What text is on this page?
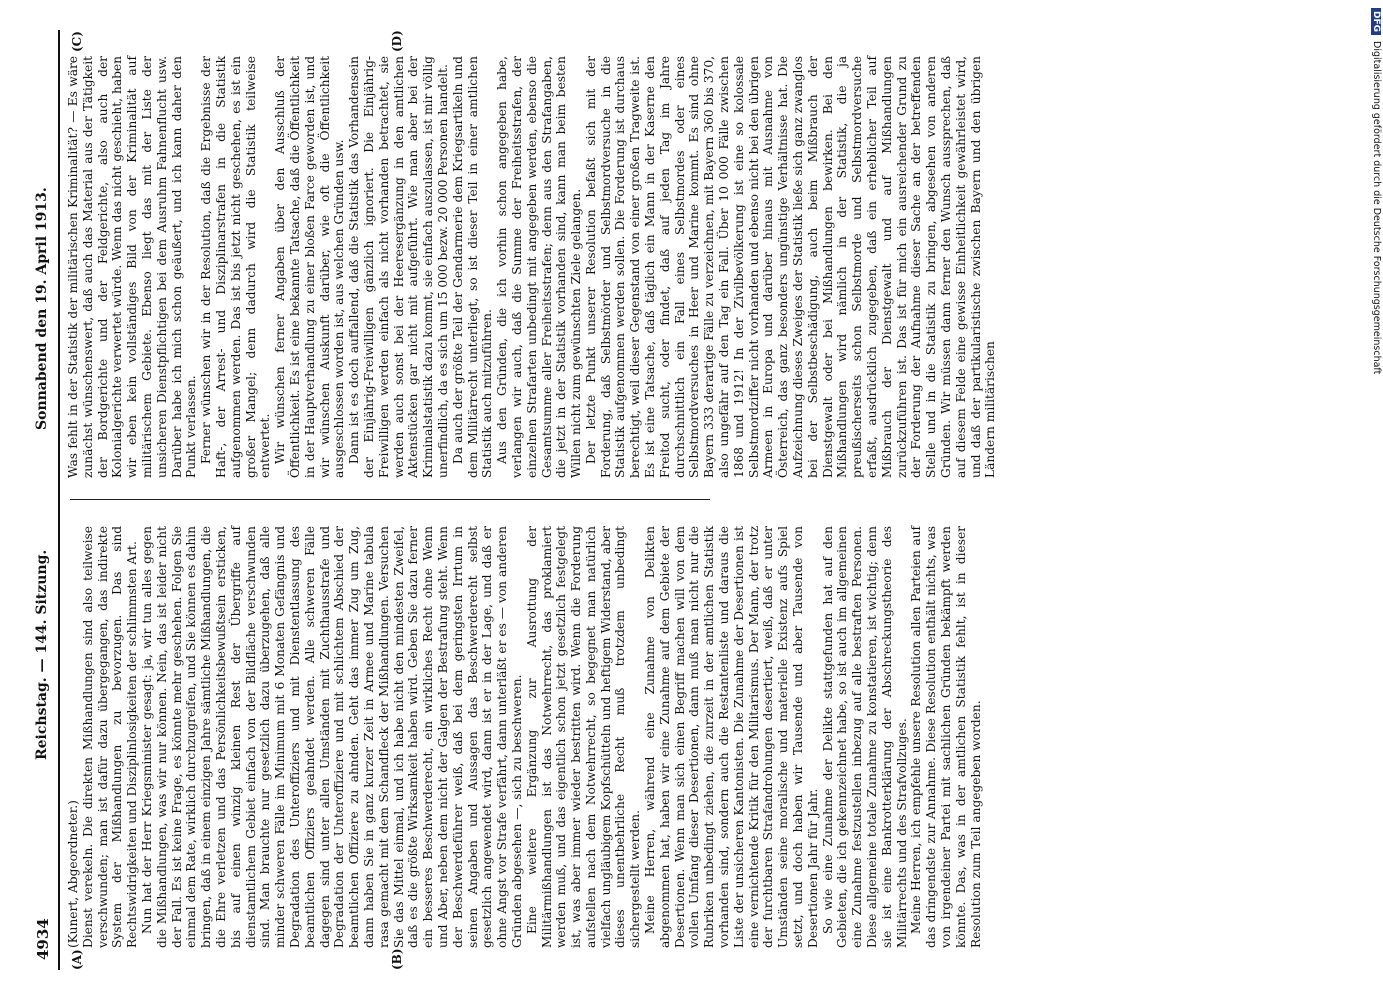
4934
Reichstag. — 144. Sitzung.
Sonnabend den 19. April 1913.
(A)	(B)
(C)	(D)

(Kunert, Abgeordneter.) Dienst verekeln. Die direkten Mißhandlungen sind also teilweise verschwunden; man ist dafür dazu übergegangen, das indirekte System der Mißhandlungen zu bevorzugen. Das sind Rechtswidrigkeiten und Disziplinlosigkeiten der schlimmsten Art. Nun hat der Herr Kriegsminister gesagt: ja, wir tun alles gegen die Mißhandlungen, was wir nur können. Nein, das ist leider nicht der Fall. Es ist keine Frage, es könnte mehr geschehen. Folgen Sie einmal dem Rate, wirklich durchzugreifen, und Sie können es dahin bringen, daß in einem einzigen Jahre sämtliche Mißhandlungen, die die Ehre verletzen und das Persönlichkeitsbewußtsein ersticken, bis auf einen winzig kleinen Rest der Übergriffe auf dienstamtlichem Gebiet einfach von der Bildfläche verschwunden sind. Man brauchte nur gesetzlich dazu überzugehen, daß alle minder schweren Fälle im Minimum mit 6 Monaten Gefängnis und Degradation des Unteroffiziers und mit Dienstentlassung des beamtlichen Offiziers geahndet werden. Alle schweren Fälle dagegen sind unter allen Umständen mit Zuchthausstrafe und Degradation der Unteroffiziere und mit schlichtem Abschied der beamtlichen Offiziere zu ahnden. Geht das immer Zug um Zug, dann haben Sie in ganz kurzer Zeit in Armee und Marine tabula rasa gemacht mit dem Schandfleck der Mißhandlungen. Versuchen Sie das Mittel einmal, und ich habe nicht den mindesten Zweifel, daß es die größte Wirksamkeit haben wird. Geben Sie dazu ferner ein besseres Beschwerderecht, ein wirkliches Recht ohne Wenn und Aber, neben dem nicht der Galgen der Bestrafung steht. Wenn der Beschwerdeführer weiß, daß bei dem geringsten Irrtum in seinen Angaben und Aussagen das Beschwerderecht selbst gesetzlich angewendet wird, dann ist er in der Lage, und daß er ohne Angst vor Strafe verfährt, dann unterläßt er es — von anderen Gründen abgesehen —, sich zu beschweren. Eine weitere Ergänzung zur Ausrottung der Militärmißhandlungen ist das Notwehrrecht, das proklamiert werden muß, und das eigentlich schon jetzt gesetzlich festgelegt ist, was aber immer wieder bestritten wird. Wenn die Forderung aufstellen nach dem Notwehrrecht, so begegnet man natürlich vielfach ungläubigem Kopfschütteln und heftigem Widerstand, aber dieses unentbehrliche Recht muß trotzdem unbedingt sichergestellt werden. Meine Herren, während eine Zunahme von Delikten abgenommen hat, haben wir eine Zunahme auf dem Gebiete der Desertionen. Wenn man sich einen Begriff machen will von dem vollen Umfang dieser Desertionen, dann muß man nicht nur die Rubriken unbedingt ziehen, die zurzeit in der amtlichen Statistik vorhanden sind, sondern auch die Restantenliste und daraus die Liste der unsicheren Kantonisten. Die Zunahme der Desertionen ist eine vernichtende Kritik für den Militarismus. Der Mann, der trotz der furchtbaren Strafandrohungen desertiert, weiß, daß er unter Umständen seine moralische und materielle Existenz aufs Spiel setzt, und doch haben wir Tausende und aber Tausende von Desertionen Jahr für Jahr. So wie eine Zunahme der Delikte stattgefunden hat auf den Gebieten, die ich gekennzeichnet habe, so ist auch im allgemeinen eine Zunahme festzustellen inbezug auf alle bestraften Personen. Diese allgemeine totale Zunahme zu konstatieren, ist wichtig; denn sie ist eine Bankrotterklärung der Abschreckungstheorie des Militärrechts und des Strafvollzuges. Meine Herren, ich empfehle unsere Resolution allen Parteien auf das dringendste zur Annahme. Diese Resolution enthält nichts, was von irgendeiner Partei mit sachlichen Gründen bekämpft werden könnte. Das, was in der amtlichen Statistik fehlt, ist in dieser Resolution zum Teil angegeben worden.

Was fehlt in der Statistik der militärischen Kriminalität? — Es wäre zunächst wünschenswert, daß auch das Material aus der Tätigkeit der Bordgerichte und der Feldgerichte, also auch der Kolonialgerichte verwertet würde. Wenn das nicht geschieht, haben wir eben kein vollständiges Bild von der Kriminalität auf militärischem Gebiete. Ebenso liegt das mit der Liste der unsicheren Dienstpflichtigen bei dem Ausruhm Fahnenflucht usw. Darüber habe ich mich schon geäußert, und ich kann daher den Punkt verlassen. Ferner wünschen wir in der Resolution, daß die Ergebnisse der Haft-, der Arrest- und Disziplinarstrafen in die Statistik aufgenommen werden. Das ist bis jetzt nicht geschehen, es ist ein großer Mangel; denn dadurch wird die Statistik teilweise entwertet. Wir wünschen ferner Angaben über den Ausschluß der Öffentlichkeit. Es ist eine bekannte Tatsache, daß die Öffentlichkeit in der Hauptverhandlung zu einer bloßen Farce geworden ist, und wir wünschen Auskunft darüber, wie oft die Öffentlichkeit ausgeschlossen worden ist, aus welchen Gründen usw. Dann ist es doch auffallend, daß die Statistik das Vorhandensein der Einjährig-Freiwilligen gänzlich ignoriert. Die Einjährig-Freiwilligen werden einfach als nicht vorhanden betrachtet, sie werden auch sonst bei der Heeresergänzung in den amtlichen Aktenstücken gar nicht mit aufgeführt. Wie man aber bei der Kriminalstatistik dazu kommt, sie einfach auszulassen, ist mir völlig unerfindlich, da es sich um 15 000 bezw. 20 000 Personen handelt. Da auch der größte Teil der Gendarmerie dem Kriegsartikeln und dem Militärrecht unterliegt, so ist dieser Teil in einer amtlichen Statistik auch mitzuführen. Aus den Gründen, die ich vorhin schon angegeben habe, verlangen wir auch, daß die Summe der Freiheitsstrafen, der einzelnen Strafarten unbedingt mit angegeben werden, ebenso die Gesamtsumme aller Freiheitsstrafen; denn aus den Strafangaben, die jetzt in der Statistik vorhanden sind, kann man beim besten Willen nicht zum gewünschten Ziele gelangen. Der letzte Punkt unserer Resolution befaßt sich mit der Forderung, daß Selbstmörder und Selbstmordversuche in die Statistik aufgenommen werden sollen. Die Forderung ist durchaus berechtigt, weil dieser Gegenstand von einer großen Tragweite ist. Es ist eine Tatsache, daß täglich ein Mann in der Kaserne den Freitod sucht, oder findet, daß auf jeden Tag im Jahre durchschnittlich ein Fall eines Selbstmordes oder eines Selbstmordversuches in Heer und Marine kommt. Es sind ohne Bayern 333 derartige Fälle zu verzeichnen, mit Bayern 360 bis 370, also ungefähr auf den Tag ein Fall. Über 10 000 Fälle zwischen 1868 und 1912! In der Zivilbevölkerung ist eine so kolossale Selbstmordziffer nicht vorhanden und ebenso nicht bei den übrigen Armeen in Europa und darüber hinaus mit Ausnahme von Österreich, das ganz besonders ungünstige Verhältnisse hat. Die Aufzeichnung dieses Zweiges der Statistik ließe sich ganz zwanglos bei der Selbstbeschädigung, auch beim Mißbrauch der Dienstgewalt oder bei Mißhandlungen bewirken. Bei den Mißhandlungen wird nämlich in der Statistik, die ja preußischerseits schon Selbstmorde und Selbstmordversuche erfaßt, ausdrücklich zugegeben, daß ein erheblicher Teil auf Mißbrauch der Dienstgewalt und auf Mißhandlungen zurückzuführen ist. Das ist für mich ein ausreichender Grund zu der Forderung der Aufnahme dieser Sache an der betreffenden Stelle und in die Statistik zu bringen, abgesehen von anderen Gründen. Wir müssen dann ferner den Wunsch aussprechen, daß auf diesem Felde eine gewisse Einheitlichkeit gewährleistet wird, und daß der partikularistische zwischen Bayern und den übrigen Ländern militärischen

DFGDigitalisierung gefördert durch die Deutsche Forschungsgemeinschaft
